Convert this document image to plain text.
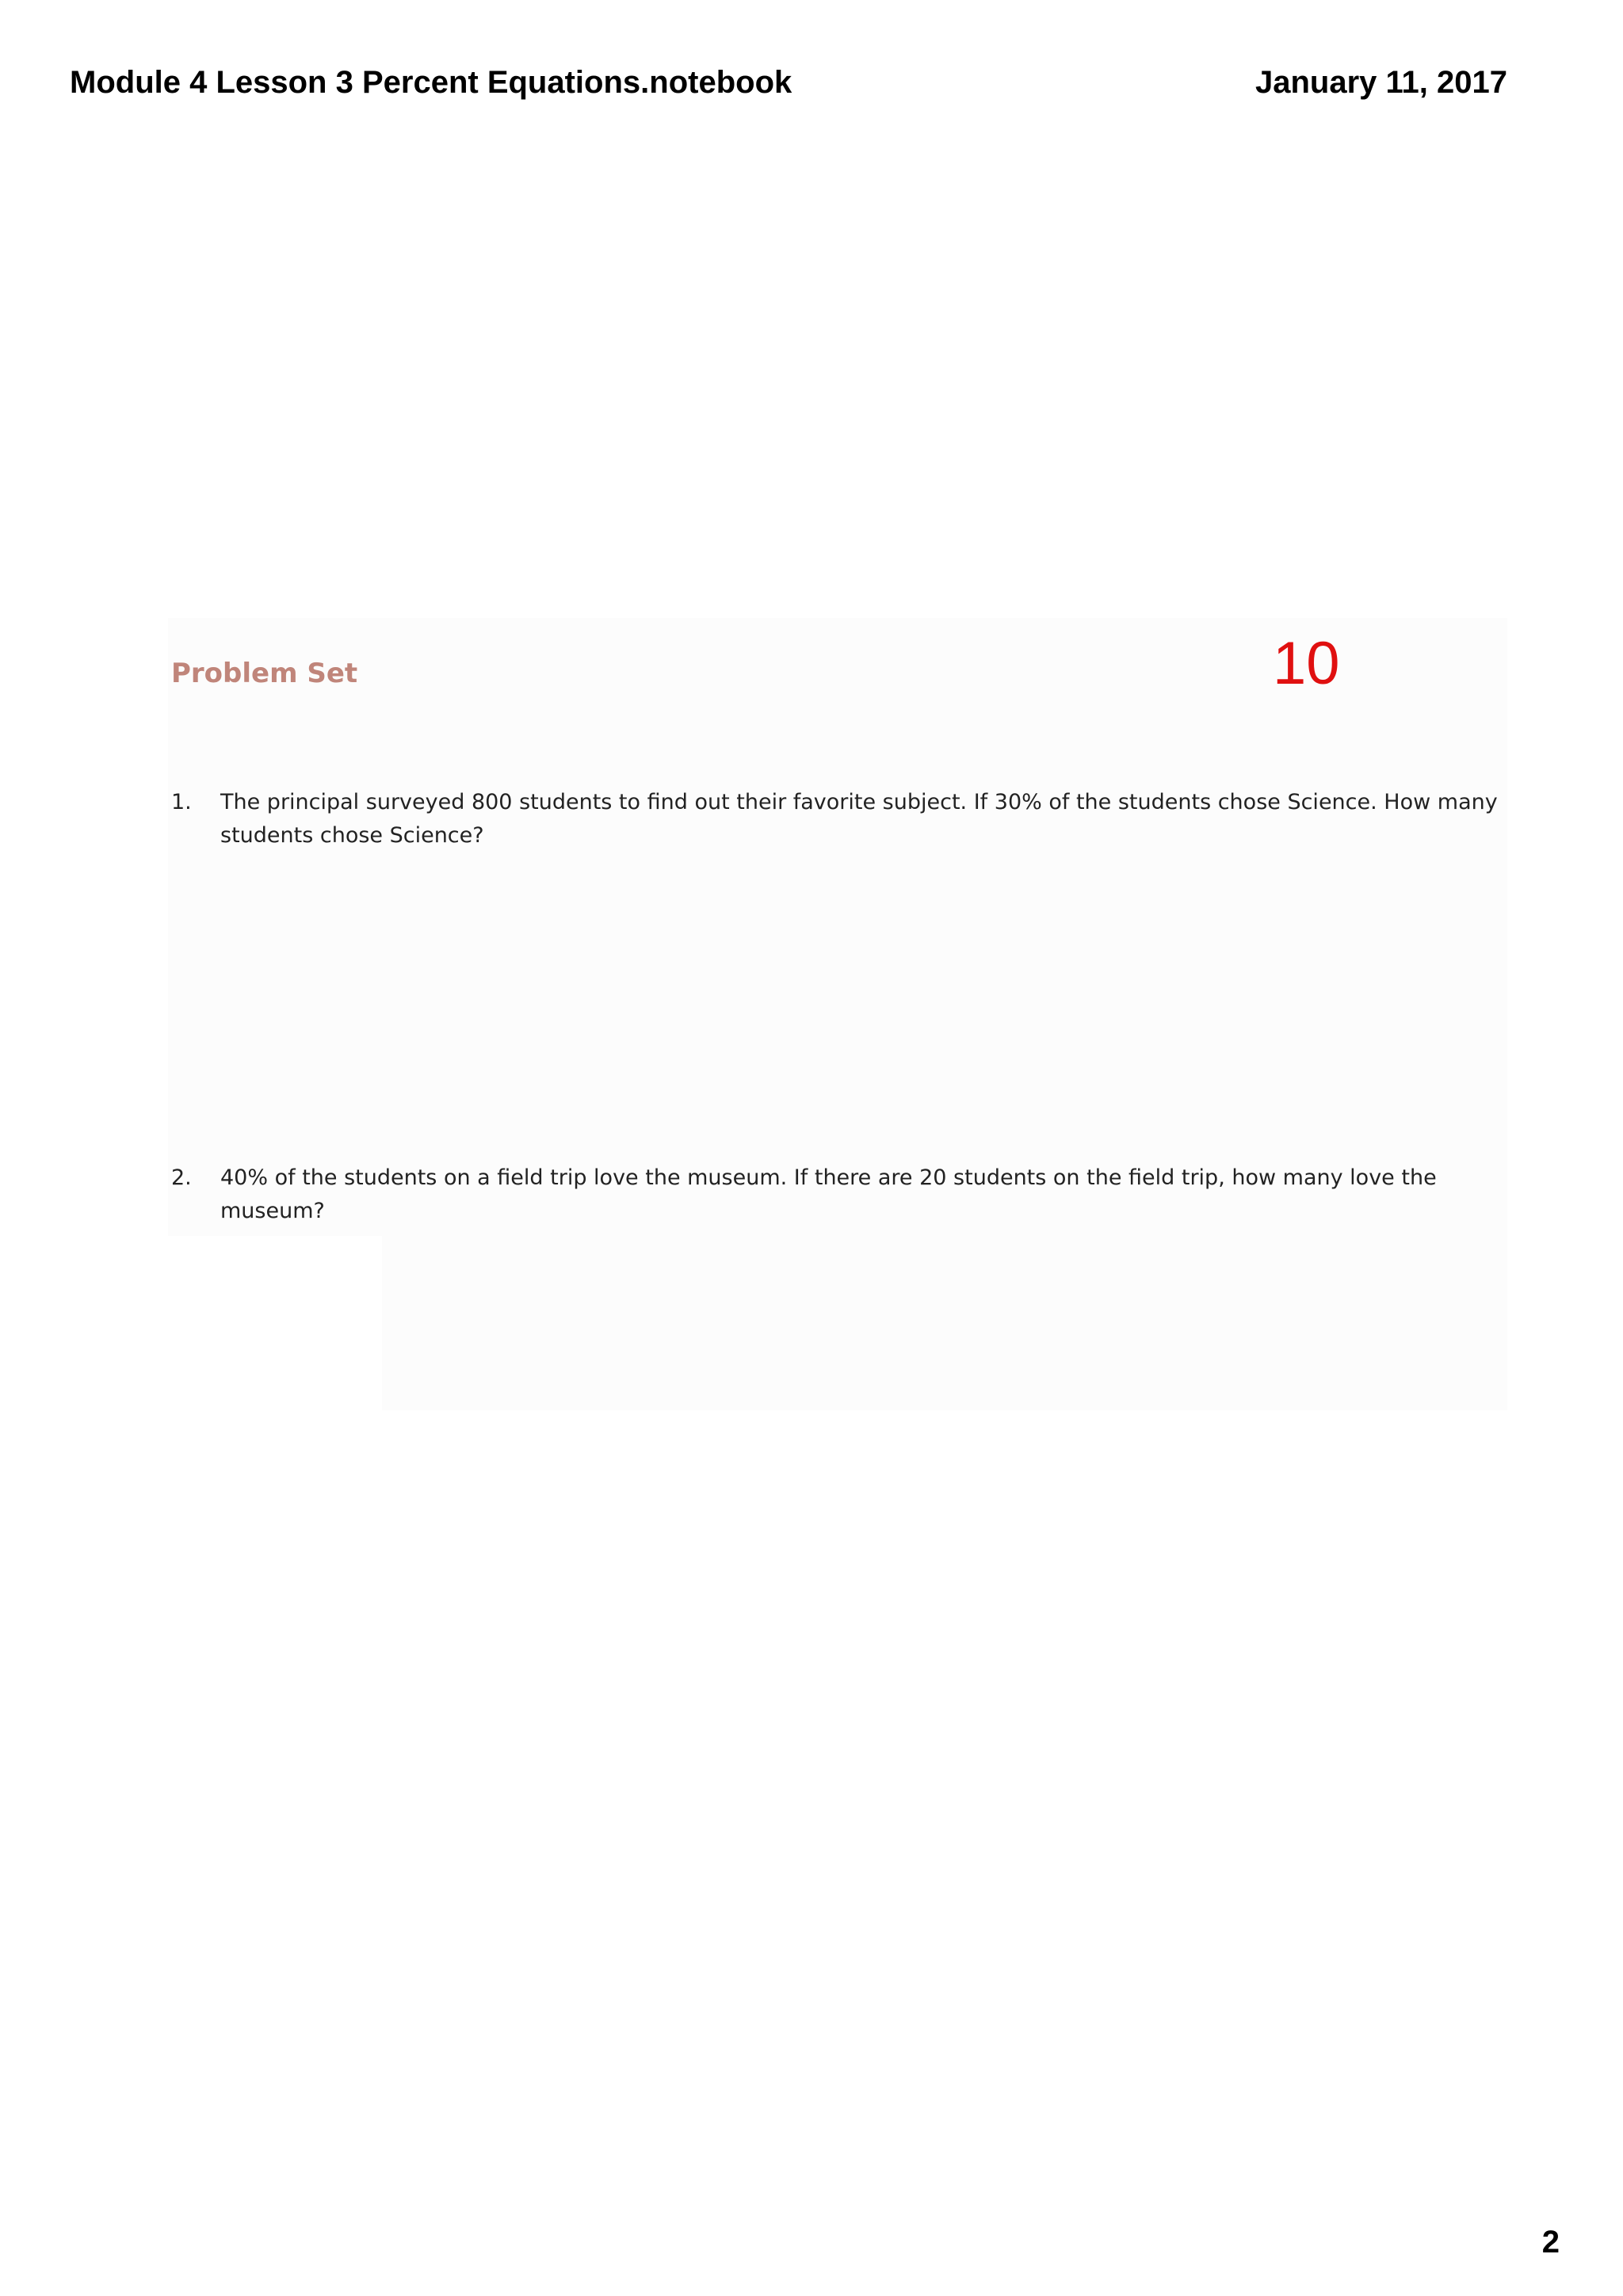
Module 4 Lesson 3 Percent Equations.notebook	January 11, 2017
Problem Set	10
1. The principal surveyed 800 students to find out their favorite subject. If 30% of the students chose Science. How many students chose Science?
2. 40% of the students on a field trip love the museum. If there are 20 students on the field trip, how many love the museum?
2
